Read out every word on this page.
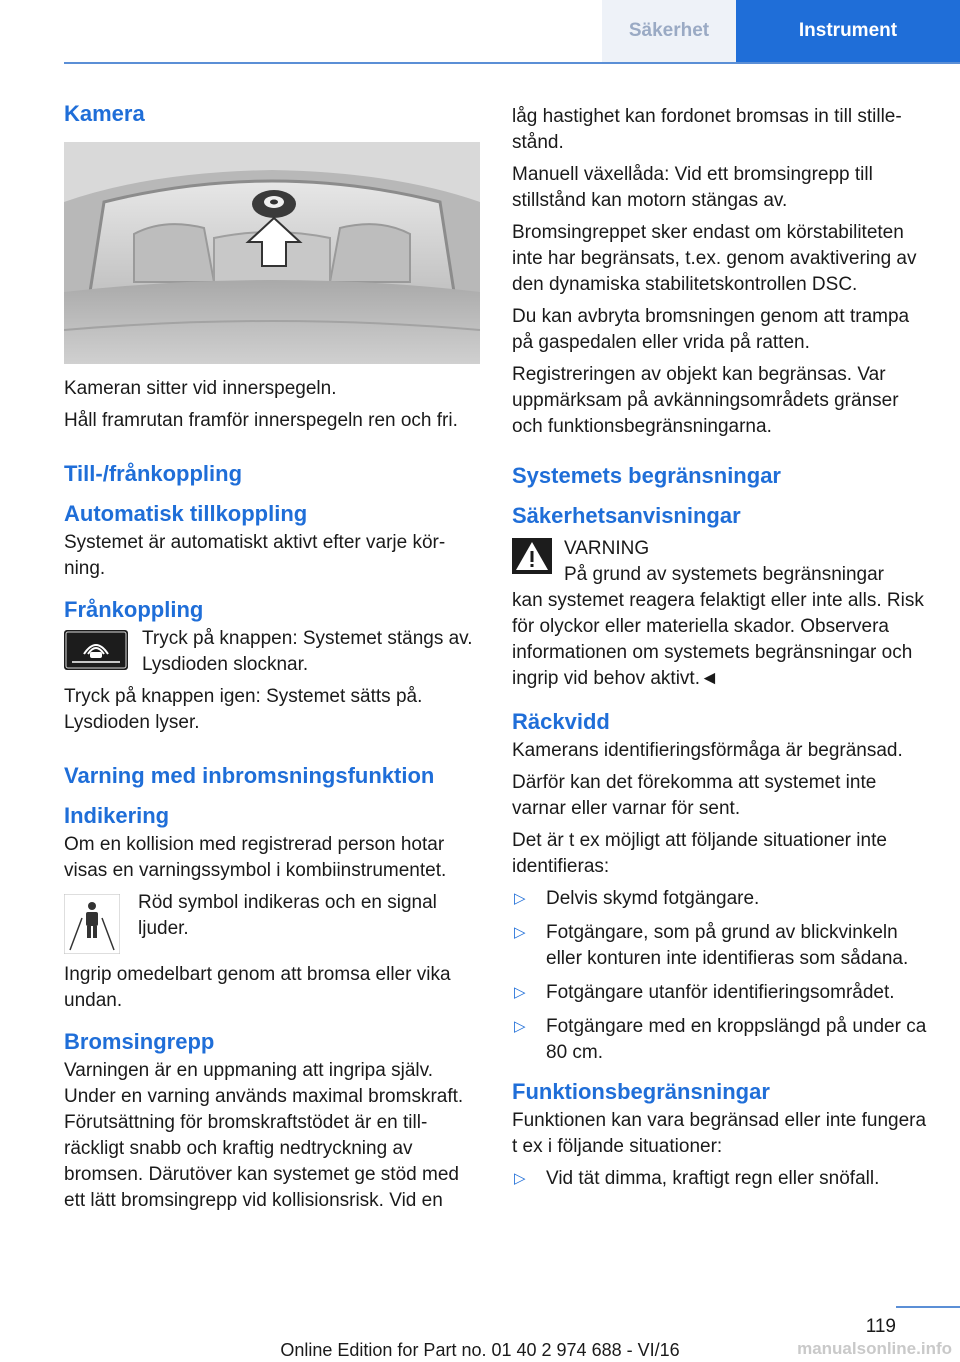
Säkerhet	Instrument
Kamera

Kameran sitter vid innerspegeln.

Håll framrutan framför innerspegeln ren och fri.

Till-/frånkoppling
Automatisk tillkoppling

Systemet är automatiskt aktivt efter varje körning.

Frånkoppling

Tryck på knappen: Systemet stängs av. Lysdioden slocknar.

Tryck på knappen igen: Systemet sätts på. Lysdioden lyser.

Varning med inbromsningsfunktion
Indikering

Om en kollision med registrerad person hotar visas en varningssymbol i kombiinstrumentet.

Röd symbol indikeras och en signal ljuder.

Ingrip omedelbart genom att bromsa eller vika undan.

Bromsingrepp

Varningen är en uppmaning att ingripa själv. Under en varning används maximal bromskraft. Förutsättning för bromskraftstödet är en tillräckligt snabb och kraftig nedtryckning av bromsen. Därutöver kan systemet ge stöd med ett lätt bromsingrepp vid kollisionsrisk. Vid en

låg hastighet kan fordonet bromsas in till stillestånd.

Manuell växellåda: Vid ett bromsingrepp till stillstånd kan motorn stängas av.

Bromsingreppet sker endast om körstabiliteten inte har begränsats, t.ex. genom avaktivering av den dynamiska stabilitetskontrollen DSC.

Du kan avbryta bromsningen genom att trampa på gaspedalen eller vrida på ratten.

Registreringen av objekt kan begränsas. Var uppmärksam på avkänningsområdets gränser och funktionsbegränsningarna.

Systemets begränsningar
Säkerhetsanvisningar

VARNING

På grund av systemets begränsningar

kan systemet reagera felaktigt eller inte alls. Risk för olyckor eller materiella skador. Observera informationen om systemets begränsningar och ingrip vid behov aktivt.◄

Räckvidd

Kamerans identifieringsförmåga är begränsad.

Därför kan det förekomma att systemet inte varnar eller varnar för sent.

Det är t ex möjligt att följande situationer inte identifieras:

▷ Delvis skymd fotgängare.
▷ Fotgängare, som på grund av blickvinkeln eller konturen inte identifieras som sådana.
▷ Fotgängare utanför identifieringsområdet.
▷ Fotgängare med en kroppslängd på under ca 80 cm.
Funktionsbegränsningar

Funktionen kan vara begränsad eller inte fungera t ex i följande situationer:

▷ Vid tät dimma, kraftigt regn eller snöfall.
119
Online Edition for Part no. 01 40 2 974 688 - VI/16	manualsonline.info
